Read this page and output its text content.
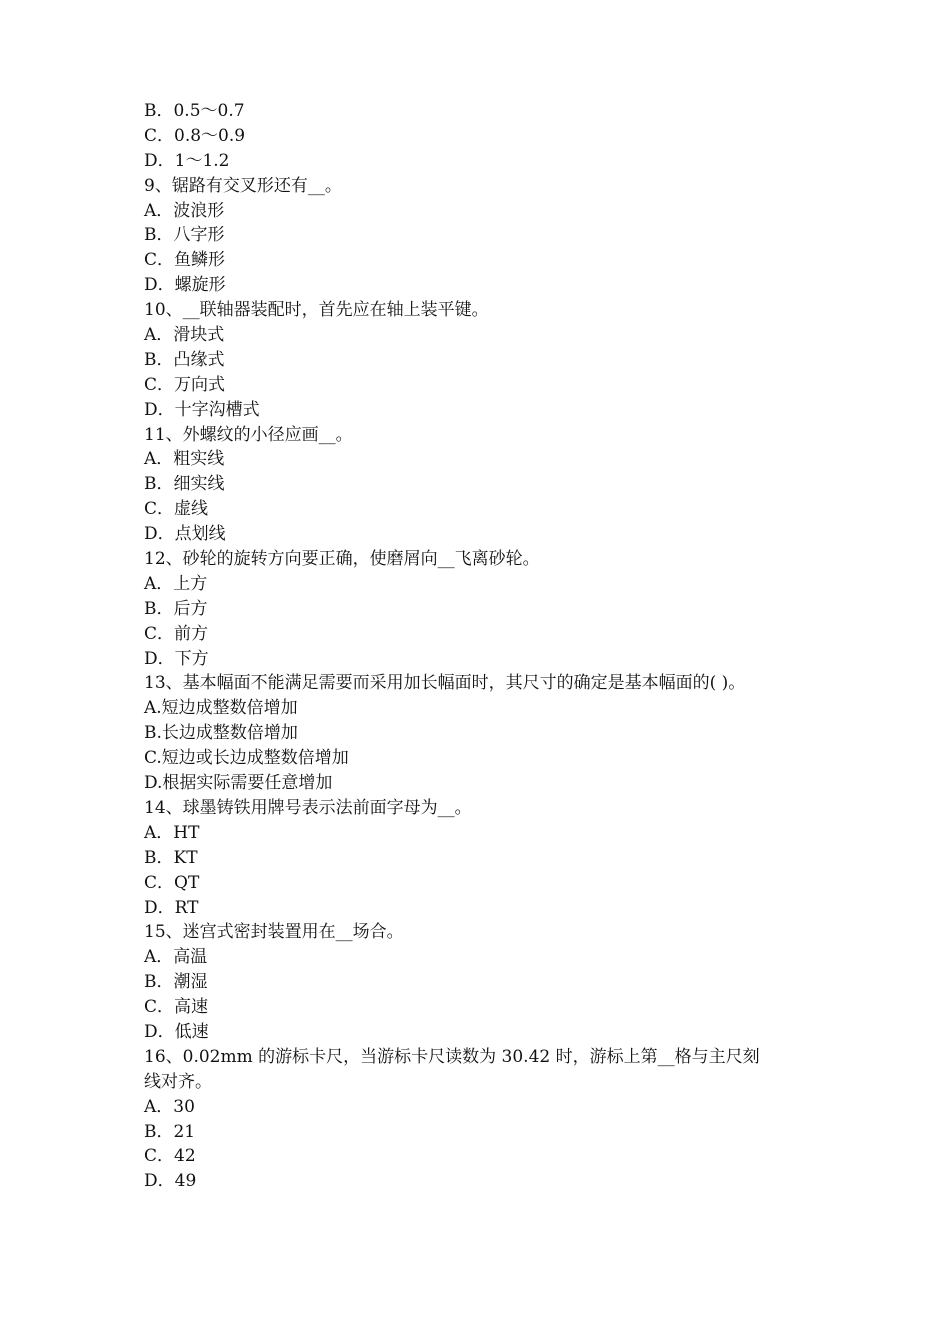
B．0.5～0.7
C．0.8～0.9
D．1～1.2
9、锯路有交叉形还有__。
A．波浪形
B．八字形
C．鱼鳞形
D．螺旋形
10、__联轴器装配时，首先应在轴上装平键。
A．滑块式
B．凸缘式
C．万向式
D．十字沟槽式
11、外螺纹的小径应画__。
A．粗实线
B．细实线
C．虚线
D．点划线
12、砂轮的旋转方向要正确，使磨屑向__飞离砂轮。
A．上方
B．后方
C．前方
D．下方
13、基本幅面不能满足需要而采用加长幅面时，其尺寸的确定是基本幅面的( )。
A.短边成整数倍增加
B.长边成整数倍增加
C.短边或长边成整数倍增加
D.根据实际需要任意增加
14、球墨铸铁用牌号表示法前面字母为__。
A．HT
B．KT
C．QT
D．RT
15、迷宫式密封装置用在__场合。
A．高温
B．潮湿
C．高速
D．低速
16、0.02mm 的游标卡尺，当游标卡尺读数为 30.42 时，游标上第__格与主尺刻
线对齐。
A．30
B．21
C．42
D．49
